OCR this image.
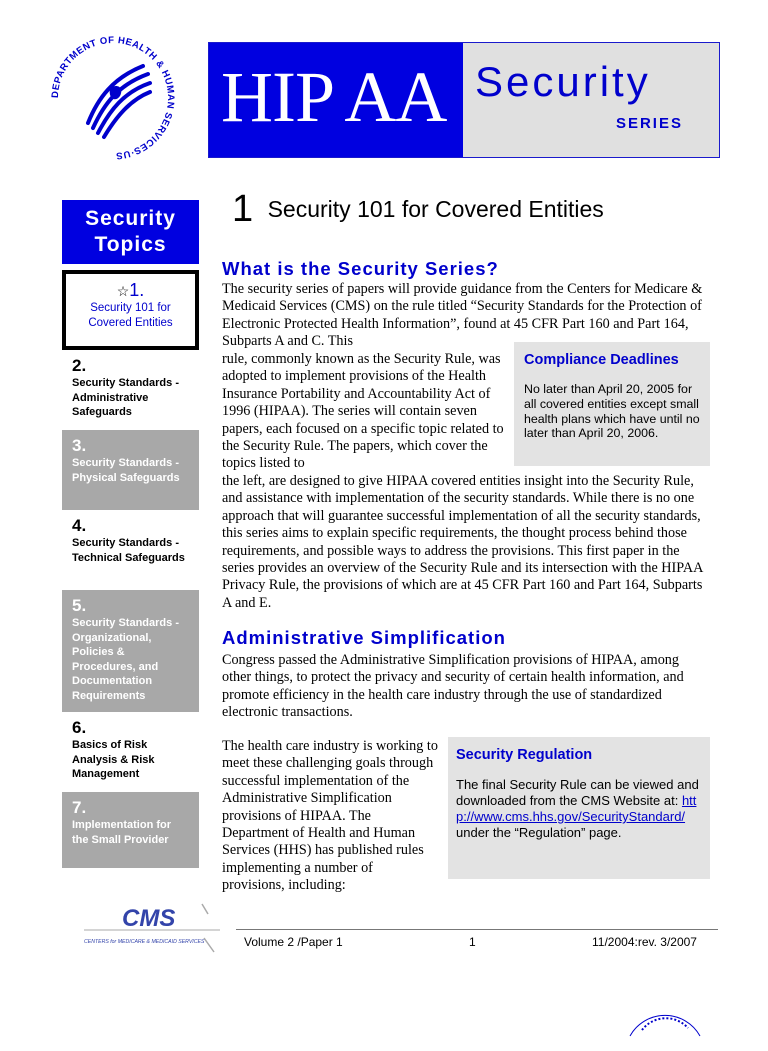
DEPARTMENT OF HEALTH & HUMAN SERVICES·US
HIP AA Security
SERIES
Security
Topics
☆1.
Security 101 for Covered Entities
2.
Security Standards - Administrative Safeguards
3.
Security Standards - Physical Safeguards
4.
Security Standards - Technical Safeguards
5.
Security Standards - Organizational, Policies & Procedures, and Documentation Requirements
6.
Basics of Risk Analysis & Risk Management
7.
Implementation for the Small Provider
1 Security 101 for Covered Entities
What is the Security Series?
The security series of papers will provide guidance from the Centers for Medicare & Medicaid Services (CMS) on the rule titled “Security Standards for the Protection of Electronic Protected Health Information”, found at 45 CFR Part 160 and Part 164, Subparts A and C. This
rule, commonly known as the Security Rule, was adopted to implement provisions of the Health Insurance Portability and Accountability Act of 1996 (HIPAA). The series will contain seven papers, each focused on a specific topic related to the Security Rule. The papers, which cover the topics listed to
the left, are designed to give HIPAA covered entities insight into the Security Rule, and assistance with implementation of the security standards. While there is no one approach that will guarantee successful implementation of all the security standards, this series aims to explain specific requirements, the thought process behind those requirements, and possible ways to address the provisions. This first paper in the series provides an overview of the Security Rule and its intersection with the HIPAA Privacy Rule, the provisions of which are at 45 CFR Part 160 and Part 164, Subparts A and E.
Compliance Deadlines
No later than April 20, 2005 for all covered entities except small health plans which have until no later than April 20, 2006.
Administrative Simplification
Congress passed the Administrative Simplification provisions of HIPAA, among other things, to protect the privacy and security of certain health information, and promote efficiency in the health care industry through the use of standardized electronic transactions.
The health care industry is working to meet these challenging goals through successful implementation of the Administrative Simplification provisions of HIPAA. The Department of Health and Human Services (HHS) has published rules implementing a number of provisions, including:
Security Regulation
The final Security Rule can be viewed and downloaded from the CMS Website at: http://www.cms.hhs.gov/SecurityStandard/ under the “Regulation” page.
CMS
CENTERS for MEDICARE & MEDICAID SERVICES	Volume 2 /Paper 1	1	11/2004:rev. 3/2007
